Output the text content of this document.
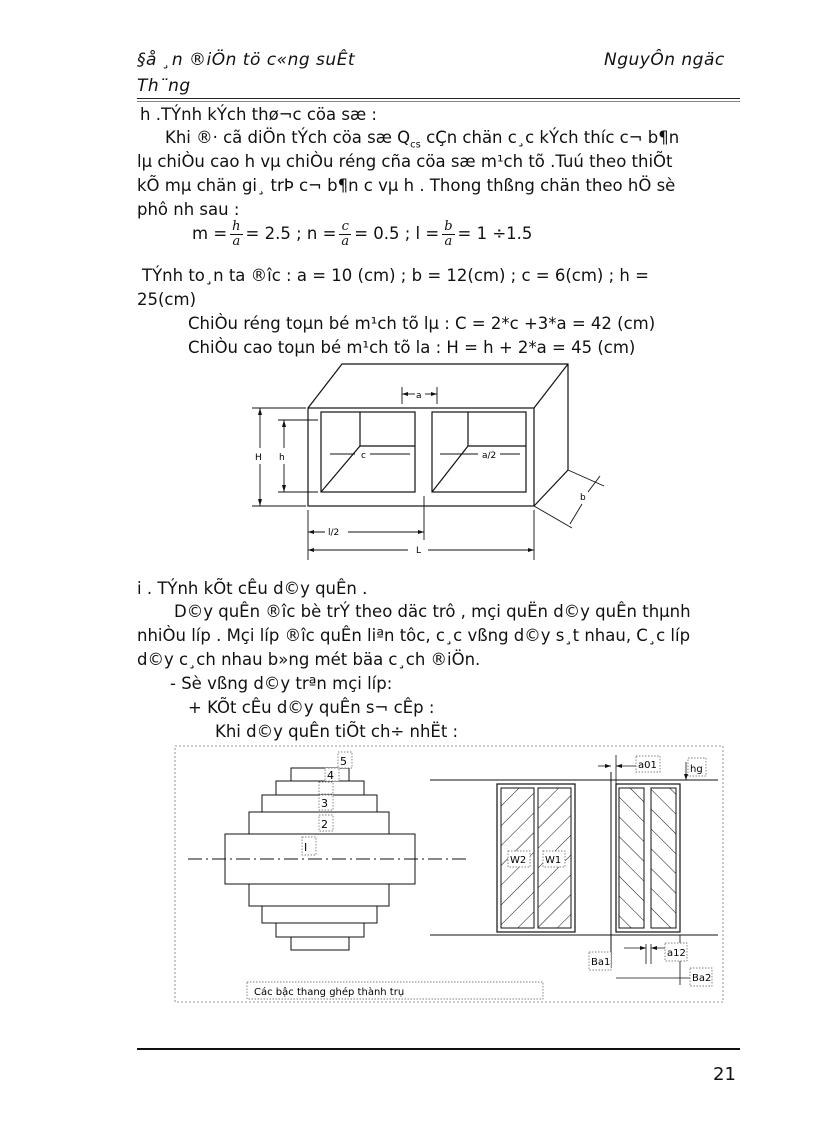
§å ¸n ®iÖn tö c«ng suÊt
Th¨ng
NguyÔn ngäc
h .TÝnh kÝch thø¬c cöa sæ :
Khi ®· cã diÖn tÝch cöa sæ $Q_{cs}$ cÇn chän c¸c kÝch thíc c¬ b¶n
lµ chiÒu cao h vµ chiÒu réng cña cöa sæ m¹ch tõ .Tuú theo thiÕt
kÕ mµ chän gi¸ trÞ c¬ b¶n c vµ h . Thong thßng chän theo hÖ sè
phô nh sau :
$m = \frac{h}{a} = 2.5$ ; $n = \frac{c}{a} = 0.5$ ; $l = \frac{b}{a} = 1 \div 1.5$
TÝnh to¸n ta ®îc : a = 10 (cm) ; b = 12(cm) ; c = 6(cm) ; h =
25(cm)
ChiÒu réng toµn bé m¹ch tõ lµ : C = 2*c +3*a = 42 (cm)
ChiÒu cao toµn bé m¹ch tõ la : H = h + 2*a = 45 (cm)
a
c	a/2
H h
b
l/2
L
i . TÝnh kÕt cÊu d©y quÊn .
D©y quÊn ®îc bè trÝ theo däc trô , mçi quËn d©y quÊn thµnh
nhiÒu líp . Mçi líp ®îc quÊn liªn tôc, c¸c vßng d©y s¸t nhau, C¸c líp
d©y c¸ch nhau b»ng mét bäa c¸ch ®iÖn.
- Sè vßng d©y trªn mçi líp:
+ KÕt cÊu d©y quÊn s¬ cÊp :
Khi d©y quÊn tiÕt ch÷ nhËt :
5
4
3
2
I
W2 W1
a01	hg
Ba1
a12
Ba2
Các bậc thang ghép thành trụ
21
